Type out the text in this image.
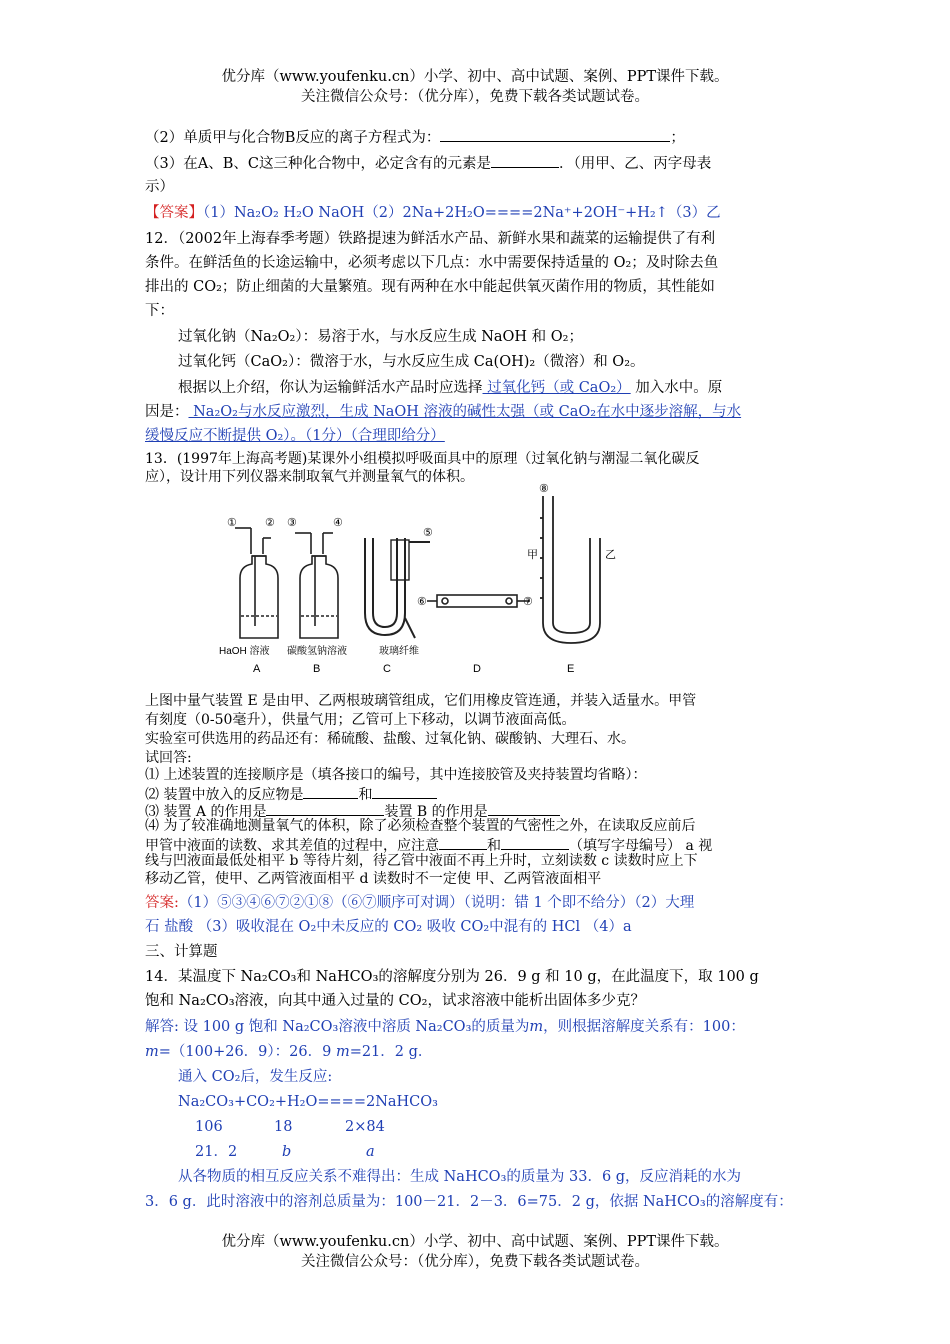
优分库（www.youfenku.cn）小学、初中、高中试题、案例、PPT课件下载。
关注微信公众号：（优分库），免费下载各类试题试卷。
（2）单质甲与化合物B反应的离子方程式为：	；
（3）在A、B、C这三种化合物中，必定含有的元素是	．（用甲、乙、丙字母表
示）
【答案】（1）Na₂O₂ H₂O NaOH（2）2Na+2H₂O====2Na⁺+2OH⁻+H₂↑（3）乙
12．（2002年上海春季考题）铁路提速为鲜活水产品、新鲜水果和蔬菜的运输提供了有利
条件。在鲜活鱼的长途运输中，必须考虑以下几点：水中需要保持适量的 O₂；及时除去鱼
排出的 CO₂；防止细菌的大量繁殖。现有两种在水中能起供氧灭菌作用的物质，其性能如
下：
过氧化钠（Na₂O₂）：易溶于水，与水反应生成 NaOH 和 O₂；
过氧化钙（CaO₂）：微溶于水，与水反应生成 Ca(OH)₂（微溶）和 O₂。
根据以上介绍，你认为运输鲜活水产品时应选择 过氧化钙（或 CaO₂） 加入水中。原
因是： Na₂O₂与水反应激烈，生成 NaOH 溶液的碱性太强（或 CaO₂在水中逐步溶解，与水
缓慢反应不断提供 O₂）。（1分）（合理即给分）
13．(1997年上海高考题)某课外小组模拟呼吸面具中的原理（过氧化钠与潮湿二氧化碳反
应），设计用下列仪器来制取氧气并测量氧气的体积。
①	② ③	④
⑤
⑥	⑦
⑧
甲	乙
HaOH 溶液 碳酸氢钠溶液	玻璃纤维
A	B	C	D	E
上图中量气装置 E 是由甲、乙两根玻璃管组成，它们用橡皮管连通，并装入适量水。甲管
有刻度（0-50毫升），供量气用；乙管可上下移动，以调节液面高低。
实验室可供选用的药品还有：稀硫酸、盐酸、过氧化钠、碳酸钠、大理石、水。
试回答:
⑴ 上述装置的连接顺序是（填各接口的编号，其中连接胶管及夹持装置均省略）：
⑵ 装置中放入的反应物是	和
⑶ 装置 A 的作用是	装置 B 的作用是
⑷ 为了较准确地测量氧气的体积，除了必须检查整个装置的气密性之外，在读取反应前后
甲管中液面的读数、求其差值的过程中，应注意	和	（填写字母编号） a 视
线与凹液面最低处相平 b 等待片刻，待乙管中液面不再上升时，立刻读数 c 读数时应上下
移动乙管，使甲、乙两管液面相平 d 读数时不一定使 甲、乙两管液面相平
答案:（1）⑤③④⑥⑦②①⑧（⑥⑦顺序可对调）（说明：错 1 个即不给分）（2）大理
石 盐酸 （3）吸收混在 O₂中未反应的 CO₂ 吸收 CO₂中混有的 HCl （4）a
三、计算题
14．某温度下 Na₂CO₃和 NaHCO₃的溶解度分别为 26．9 g 和 10 g，在此温度下，取 100 g
饱和 Na₂CO₃溶液，向其中通入过量的 CO₂，试求溶液中能析出固体多少克？
解答: 设 100 g 饱和 Na₂CO₃溶液中溶质 Na₂CO₃的质量为m，则根据溶解度关系有：100：
m=（100+26．9）：26．9 m=21．2 g．
通入 CO₂后，发生反应:
Na₂CO₃+CO₂+H₂O====2NaHCO₃
106	18	2×84
21．2	b	a
从各物质的相互反应关系不难得出：生成 NaHCO₃的质量为 33．6 g，反应消耗的水为
3．6 g．此时溶液中的溶剂总质量为：100－21．2－3．6=75．2 g，依据 NaHCO₃的溶解度有：
优分库（www.youfenku.cn）小学、初中、高中试题、案例、PPT课件下载。
关注微信公众号：（优分库），免费下载各类试题试卷。
